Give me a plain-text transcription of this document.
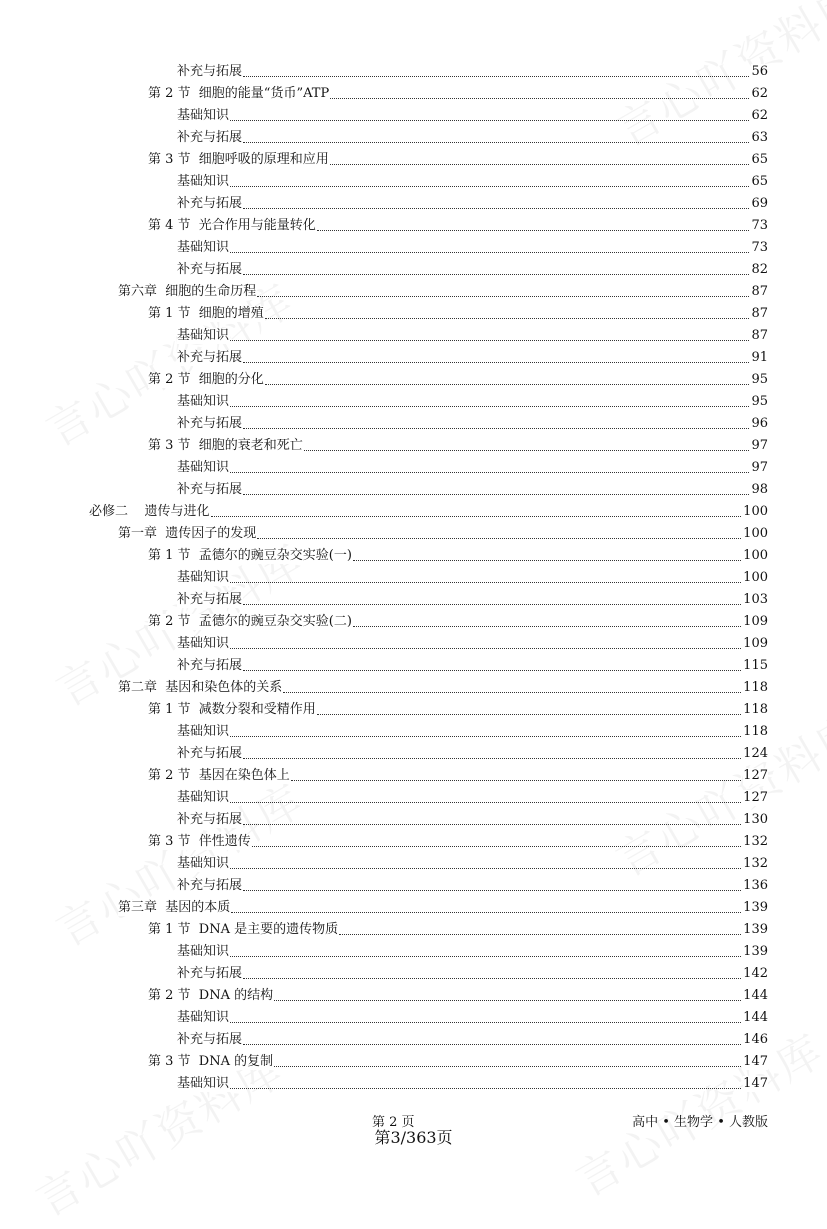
补充与拓展	56
第 2 节  细胞的能量“货币”ATP	62
基础知识	62
补充与拓展	63
第 3 节  细胞呼吸的原理和应用	65
基础知识	65
补充与拓展	69
第 4 节  光合作用与能量转化	73
基础知识	73
补充与拓展	82
第六章  细胞的生命历程	87
第 1 节  细胞的增殖	87
基础知识	87
补充与拓展	91
第 2 节  细胞的分化	95
基础知识	95
补充与拓展	96
第 3 节  细胞的衰老和死亡	97
基础知识	97
补充与拓展	98
必修二    遗传与进化	100
第一章  遗传因子的发现	100
第 1 节  孟德尔的豌豆杂交实验(一)	100
基础知识	100
补充与拓展	103
第 2 节  孟德尔的豌豆杂交实验(二)	109
基础知识	109
补充与拓展	115
第二章  基因和染色体的关系	118
第 1 节  减数分裂和受精作用	118
基础知识	118
补充与拓展	124
第 2 节  基因在染色体上	127
基础知识	127
补充与拓展	130
第 3 节  伴性遗传	132
基础知识	132
补充与拓展	136
第三章  基因的本质	139
第 1 节  DNA 是主要的遗传物质	139
基础知识	139
补充与拓展	142
第 2 节  DNA 的结构	144
基础知识	144
补充与拓展	146
第 3 节  DNA 的复制	147
基础知识	147
第 2 页	高中 • 生物学 • 人教版
第3/363页
